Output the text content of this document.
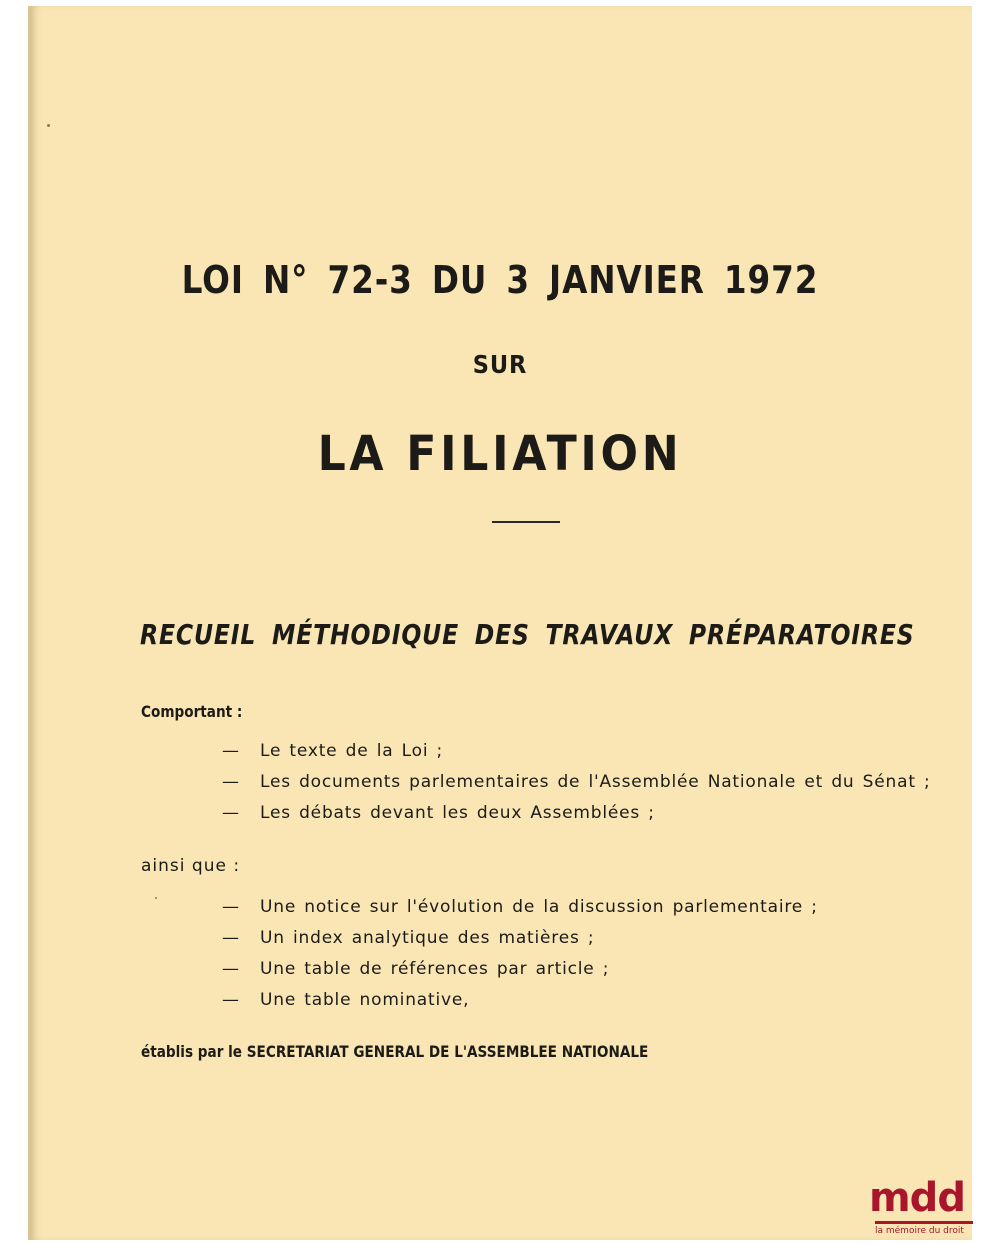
LOI N° 72-3 DU 3 JANVIER 1972
SUR
LA FILIATION
RECUEIL MÉTHODIQUE DES TRAVAUX PRÉPARATOIRES
Comportant :
— Le texte de la Loi ;
— Les documents parlementaires de l'Assemblée Nationale et du Sénat ;
— Les débats devant les deux Assemblées ;
ainsi que :
— Une notice sur l'évolution de la discussion parlementaire ;
— Un index analytique des matières ;
— Une table de références par article ;
— Une table nominative,
établis par le SECRETARIAT GENERAL DE L'ASSEMBLEE NATIONALE
mdd
la mémoire du droit
